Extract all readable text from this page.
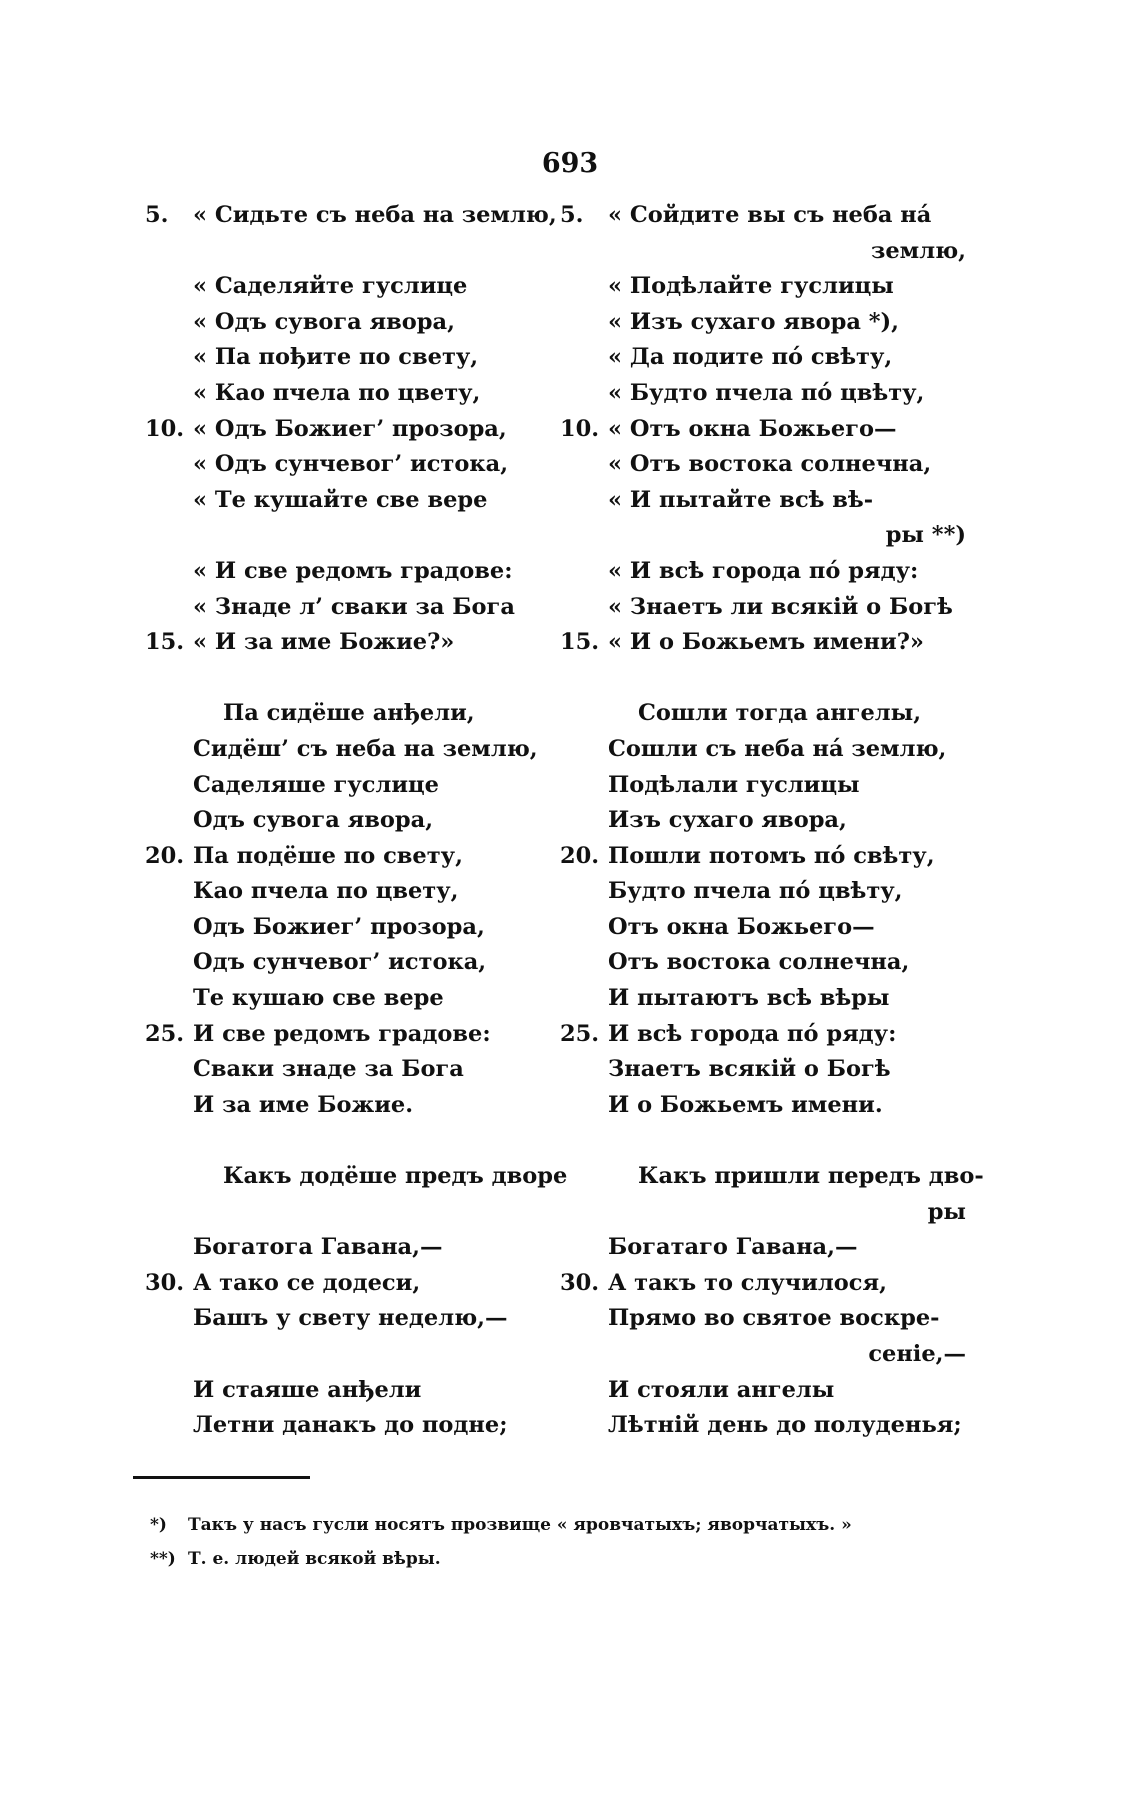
693
5. « Сидьте съ неба на землю,
« Саделяйте гуслице
« Одъ сувога явора,
« Па пођите по свету,
« Као пчела по цвету,
10. « Одъ Божиег’ прозора,
« Одъ сунчевог’ истока,
« Те кушайте све вере
« И све редомъ градове:
« Знаде л’ сваки за Бога
15. « И за име Божие?»
Па сидёше анђели,
Сидёш’ съ неба на землю,
Саделяше гуслице
Одъ сувога явора,
20. Па подёше по свету,
Као пчела по цвету,
Одъ Божиег’ прозора,
Одъ сунчевог’ истока,
Те кушаю све вере
25. И све редомъ градове:
Сваки знаде за Бога
И за име Божие.
Какъ додёше предъ дворе
Богатога Гавана,—
30. А тако се додеси,
Башъ у свету неделю,—
И стаяше анђели
Летни данакъ до подне;
5. « Сойдите вы съ неба на́
землю,
« Подѣлайте гуслицы
« Изъ сухаго явора *),
« Да подите по́ свѣту,
« Будто пчела по́ цвѣту,
10. « Отъ окна Божьего—
« Отъ востока солнечна,
« И пытайте всѣ вѣ-
ры **)
« И всѣ города по́ ряду:
« Знаетъ ли всякій о Богѣ
15. « И о Божьемъ имени?»
Сошли тогда ангелы,
Сошли съ неба на́ землю,
Подѣлали гуслицы
Изъ сухаго явора,
20. Пошли потомъ по́ свѣту,
Будто пчела по́ цвѣту,
Отъ окна Божьего—
Отъ востока солнечна,
И пытаютъ всѣ вѣры
25. И всѣ города по́ ряду:
Знаетъ всякій о Богѣ
И о Божьемъ имени.
Какъ пришли передъ дво-
ры
Богатаго Гавана,—
30. А такъ то случилося,
Прямо во святое воскре-
сеніе,—
И стояли ангелы
Лѣтній день до полуденья;
*) Такъ у насъ гусли носятъ прозвище « яровчатыхъ; яворчатыхъ. »
**) Т. е. людей всякой вѣры.
